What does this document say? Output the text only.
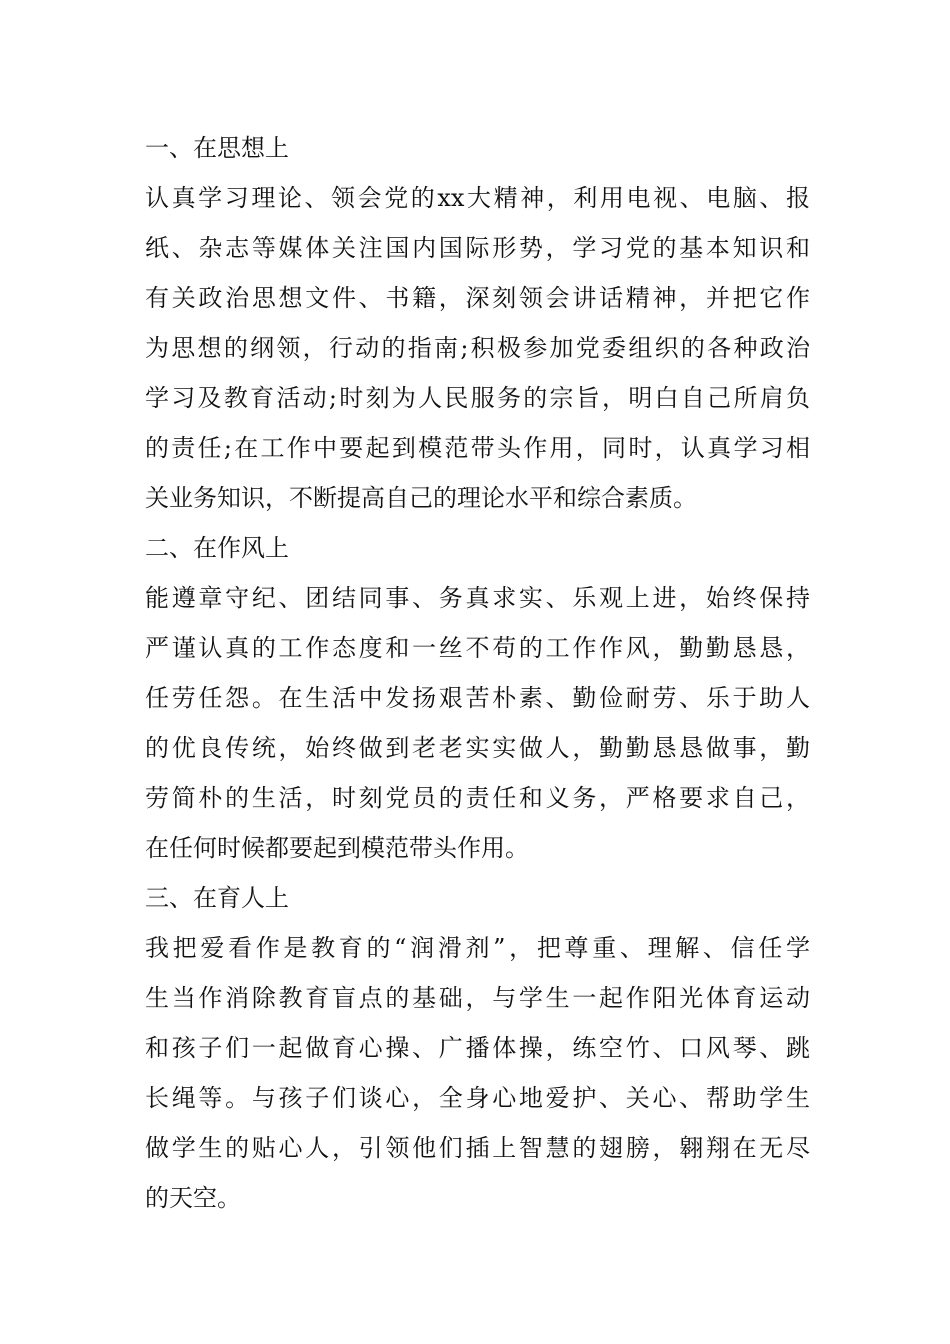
一、在思想上
认真学习理论、领会党的xx大精神，利用电视、电脑、报
纸、杂志等媒体关注国内国际形势，学习党的基本知识和
有关政治思想文件、书籍，深刻领会讲话精神，并把它作
为思想的纲领，行动的指南;积极参加党委组织的各种政治
学习及教育活动;时刻为人民服务的宗旨，明白自己所肩负
的责任;在工作中要起到模范带头作用，同时，认真学习相
关业务知识，不断提高自己的理论水平和综合素质。
二、在作风上
能遵章守纪、团结同事、务真求实、乐观上进，始终保持
严谨认真的工作态度和一丝不苟的工作作风，勤勤恳恳，
任劳任怨。在生活中发扬艰苦朴素、勤俭耐劳、乐于助人
的优良传统，始终做到老老实实做人，勤勤恳恳做事，勤
劳简朴的生活，时刻党员的责任和义务，严格要求自己，
在任何时候都要起到模范带头作用。
三、在育人上
我把爱看作是教育的“润滑剂”，把尊重、理解、信任学
生当作消除教育盲点的基础，与学生一起作阳光体育运动
和孩子们一起做育心操、广播体操，练空竹、口风琴、跳
长绳等。与孩子们谈心，全身心地爱护、关心、帮助学生
做学生的贴心人，引领他们插上智慧的翅膀，翱翔在无尽
的天空。
